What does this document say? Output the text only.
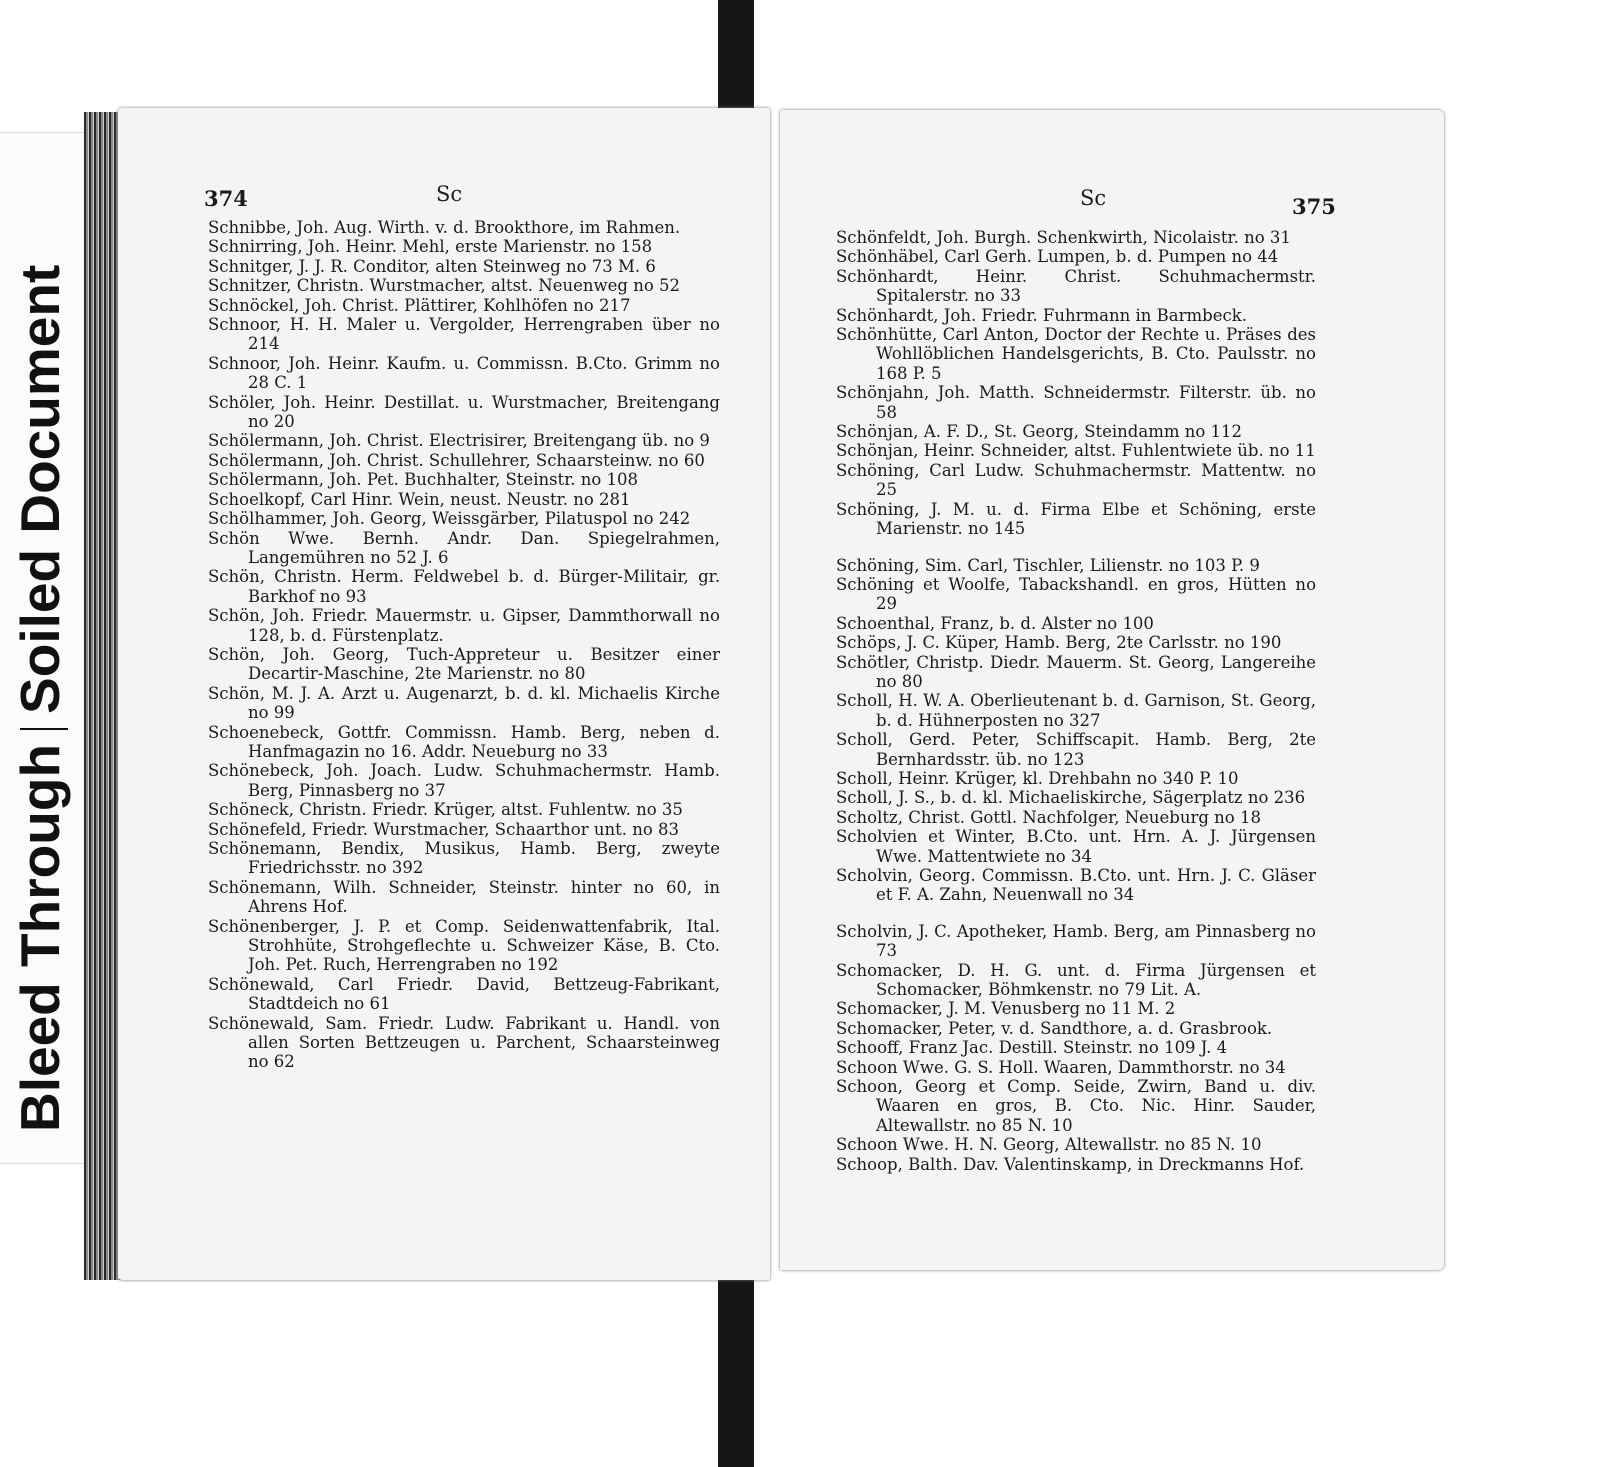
Bleed ThroughSoiled Document
374	Sc
Schnibbe, Joh. Aug. Wirth. v. d. Brookthore, im Rahmen.
Schnirring, Joh. Heinr. Mehl, erste Marienstr. no 158
Schnitger, J. J. R. Conditor, alten Steinweg no 73 M. 6
Schnitzer, Christn. Wurstmacher, altst. Neuenweg no 52
Schnöckel, Joh. Christ. Plättirer, Kohlhöfen no 217
Schnoor, H. H. Maler u. Vergolder, Herrengraben über no 214
Schnoor, Joh. Heinr. Kaufm. u. Commissn. B.Cto. Grimm no 28 C. 1
Schöler, Joh. Heinr. Destillat. u. Wurstmacher, Breitengang no 20
Schölermann, Joh. Christ. Electrisirer, Breitengang üb. no 9
Schölermann, Joh. Christ. Schullehrer, Schaarsteinw. no 60
Schölermann, Joh. Pet. Buchhalter, Steinstr. no 108
Schoelkopf, Carl Hinr. Wein, neust. Neustr. no 281
Schölhammer, Joh. Georg, Weissgärber, Pilatuspol no 242
Schön Wwe. Bernh. Andr. Dan. Spiegelrahmen, Langemühren no 52 J. 6
Schön, Christn. Herm. Feldwebel b. d. Bürger-Militair, gr. Barkhof no 93
Schön, Joh. Friedr. Mauermstr. u. Gipser, Dammthorwall no 128, b. d. Fürstenplatz.
Schön, Joh. Georg, Tuch-Appreteur u. Besitzer einer Decartir-Maschine, 2te Marienstr. no 80
Schön, M. J. A. Arzt u. Augenarzt, b. d. kl. Michaelis Kirche no 99
Schoenebeck, Gottfr. Commissn. Hamb. Berg, neben d. Hanfmagazin no 16. Addr. Neueburg no 33
Schönebeck, Joh. Joach. Ludw. Schuhmachermstr. Hamb. Berg, Pinnasberg no 37
Schöneck, Christn. Friedr. Krüger, altst. Fuhlentw. no 35
Schönefeld, Friedr. Wurstmacher, Schaarthor unt. no 83
Schönemann, Bendix, Musikus, Hamb. Berg, zweyte Friedrichsstr. no 392
Schönemann, Wilh. Schneider, Steinstr. hinter no 60, in Ahrens Hof.
Schönenberger, J. P. et Comp. Seidenwattenfabrik, Ital. Strohhüte, Strohgeflechte u. Schweizer Käse, B. Cto. Joh. Pet. Ruch, Herrengraben no 192
Schönewald, Carl Friedr. David, Bettzeug-Fabrikant, Stadtdeich no 61
Schönewald, Sam. Friedr. Ludw. Fabrikant u. Handl. von allen Sorten Bettzeugen u. Parchent, Schaarsteinweg no 62
Sc	375
Schönfeldt, Joh. Burgh. Schenkwirth, Nicolaistr. no 31
Schönhäbel, Carl Gerh. Lumpen, b. d. Pumpen no 44
Schönhardt, Heinr. Christ. Schuhmachermstr. Spitalerstr. no 33
Schönhardt, Joh. Friedr. Fuhrmann in Barmbeck.
Schönhütte, Carl Anton, Doctor der Rechte u. Präses des Wohllöblichen Handelsgerichts, B. Cto. Paulsstr. no 168 P. 5
Schönjahn, Joh. Matth. Schneidermstr. Filterstr. üb. no 58
Schönjan, A. F. D., St. Georg, Steindamm no 112
Schönjan, Heinr. Schneider, altst. Fuhlentwiete üb. no 11
Schöning, Carl Ludw. Schuhmachermstr. Mattentw. no 25
Schöning, J. M. u. d. Firma Elbe et Schöning, erste Marienstr. no 145
Schöning, Sim. Carl, Tischler, Lilienstr. no 103 P. 9
Schöning et Woolfe, Tabackshandl. en gros, Hütten no 29
Schoenthal, Franz, b. d. Alster no 100
Schöps, J. C. Küper, Hamb. Berg, 2te Carlsstr. no 190
Schötler, Christp. Diedr. Mauerm. St. Georg, Langereihe no 80
Scholl, H. W. A. Oberlieutenant b. d. Garnison, St. Georg, b. d. Hühnerposten no 327
Scholl, Gerd. Peter, Schiffscapit. Hamb. Berg, 2te Bernhardsstr. üb. no 123
Scholl, Heinr. Krüger, kl. Drehbahn no 340 P. 10
Scholl, J. S., b. d. kl. Michaeliskirche, Sägerplatz no 236
Scholtz, Christ. Gottl. Nachfolger, Neueburg no 18
Scholvien et Winter, B.Cto. unt. Hrn. A. J. Jürgensen Wwe. Mattentwiete no 34
Scholvin, Georg. Commissn. B.Cto. unt. Hrn. J. C. Gläser et F. A. Zahn, Neuenwall no 34
Scholvin, J. C. Apotheker, Hamb. Berg, am Pinnasberg no 73
Schomacker, D. H. G. unt. d. Firma Jürgensen et Schomacker, Böhmkenstr. no 79 Lit. A.
Schomacker, J. M. Venusberg no 11 M. 2
Schomacker, Peter, v. d. Sandthore, a. d. Grasbrook.
Schooff, Franz Jac. Destill. Steinstr. no 109 J. 4
Schoon Wwe. G. S. Holl. Waaren, Dammthorstr. no 34
Schoon, Georg et Comp. Seide, Zwirn, Band u. div. Waaren en gros, B. Cto. Nic. Hinr. Sauder, Altewallstr. no 85 N. 10
Schoon Wwe. H. N. Georg, Altewallstr. no 85 N. 10
Schoop, Balth. Dav. Valentinskamp, in Dreckmanns Hof.
